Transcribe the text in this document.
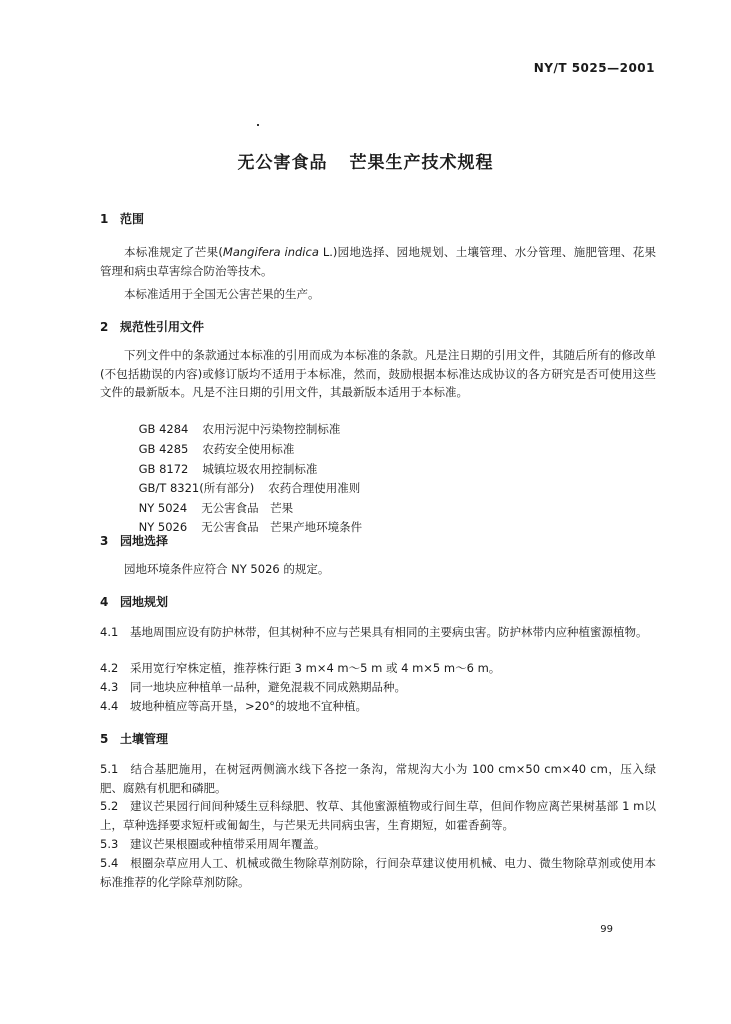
NY/T 5025—2001
无公害食品 芒果生产技术规程
1 范围
本标准规定了芒果(Mangifera indica L.)园地选择、园地规划、土壤管理、水分管理、施肥管理、花果管理和病虫草害综合防治等技术。
本标准适用于全国无公害芒果的生产。
2 规范性引用文件
下列文件中的条款通过本标准的引用而成为本标准的条款。凡是注日期的引用文件，其随后所有的修改单(不包括勘误的内容)或修订版均不适用于本标准，然而，鼓励根据本标准达成协议的各方研究是否可使用这些文件的最新版本。凡是不注日期的引用文件，其最新版本适用于本标准。

GB 4284 农用污泥中污染物控制标准

GB 4285 农药安全使用标准

GB 8172 城镇垃圾农用控制标准

GB/T 8321(所有部分) 农药合理使用准则

NY 5024 无公害食品　芒果

NY 5026 无公害食品　芒果产地环境条件

3 园地选择
园地环境条件应符合 NY 5026 的规定。
4 园地规划
4.1 基地周围应设有防护林带，但其树种不应与芒果具有相同的主要病虫害。防护林带内应种植蜜源植物。
4.2 采用宽行窄株定植，推荐株行距 3 m×4 m～5 m 或 4 m×5 m～6 m。
4.3 同一地块应种植单一品种，避免混栽不同成熟期品种。
4.4 坡地种植应等高开垦，>20°的坡地不宜种植。
5 土壤管理
5.1 结合基肥施用，在树冠两侧滴水线下各挖一条沟，常规沟大小为 100 cm×50 cm×40 cm，压入绿肥、腐熟有机肥和磷肥。
5.2 建议芒果园行间间种矮生豆科绿肥、牧草、其他蜜源植物或行间生草，但间作物应离芒果树基部 1 m以上，草种选择要求短杆或匍匐生，与芒果无共同病虫害，生育期短，如霍香蓟等。
5.3 建议芒果根圈或种植带采用周年覆盖。
5.4 根圈杂草应用人工、机械或微生物除草剂防除，行间杂草建议使用机械、电力、微生物除草剂或使用本标准推荐的化学除草剂防除。
99
